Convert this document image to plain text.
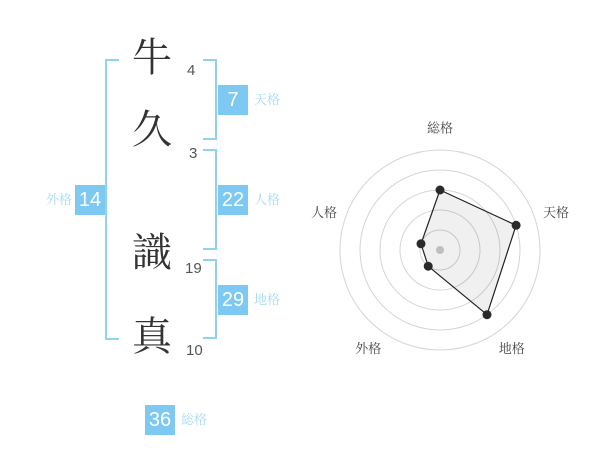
牛
久
識
真
4
3
19
10
7
22
29
14
36
天格
人格
地格
外格
総格
総格
天格
地格
外格
人格
